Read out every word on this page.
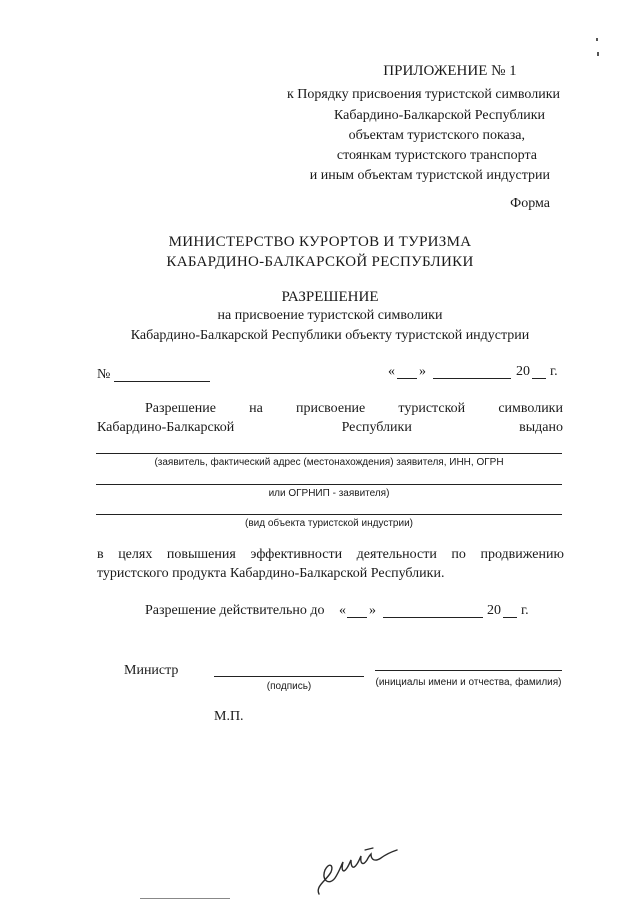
ПРИЛОЖЕНИЕ № 1
к Порядку присвоения туристской символики
Кабардино-Балкарской Республики
объектам туристского показа,
стоянкам туристского транспорта
и иным объектам туристской индустрии
Форма
МИНИСТЕРСТВО КУРОРТОВ И ТУРИЗМА
КАБАРДИНО-БАЛКАРСКОЙ РЕСПУБЛИКИ
РАЗРЕШЕНИЕ
на присвоение туристской символики
Кабардино-Балкарской Республики объекту туристской индустрии
№	« »	20 г.
Разрешение на присвоение туристской символики
Кабардино-Балкарской	Республики	выдано
(заявитель, фактический адрес (местонахождения) заявителя, ИНН, ОГРН
или ОГРНИП - заявителя)
(вид объекта туристской индустрии)
в целях повышения эффективности деятельности по продвижению
туристского продукта Кабардино-Балкарской Республики.
Разрешение действительно до « »	20 г.
Министр
(подпись)	(инициалы имени и отчества, фамилия)
М.П.
